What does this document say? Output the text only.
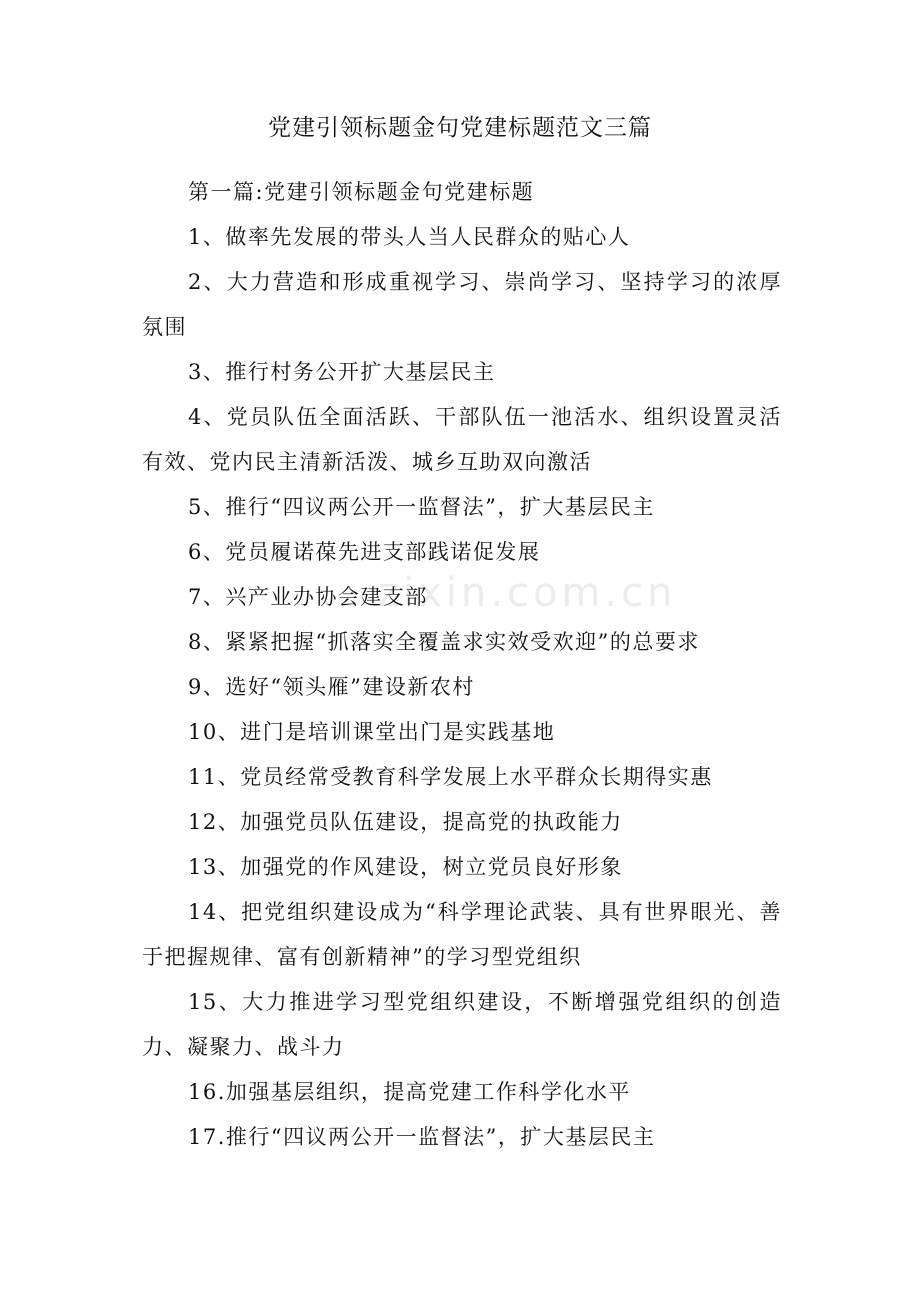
zixin.com.cn
党建引领标题金句党建标题范文三篇

第一篇:党建引领标题金句党建标题

1、做率先发展的带头人当人民群众的贴心人

2、大力营造和形成重视学习、崇尚学习、坚持学习的浓厚氛围

3、推行村务公开扩大基层民主

4、党员队伍全面活跃、干部队伍一池活水、组织设置灵活有效、党内民主清新活泼、城乡互助双向激活

5、推行“四议两公开一监督法”，扩大基层民主

6、党员履诺葆先进支部践诺促发展

7、兴产业办协会建支部

8、紧紧把握“抓落实全覆盖求实效受欢迎”的总要求

9、选好“领头雁”建设新农村

10、进门是培训课堂出门是实践基地

11、党员经常受教育科学发展上水平群众长期得实惠

12、加强党员队伍建设，提高党的执政能力

13、加强党的作风建设，树立党员良好形象

14、把党组织建设成为“科学理论武装、具有世界眼光、善于把握规律、富有创新精神”的学习型党组织

15、大力推进学习型党组织建设，不断增强党组织的创造力、凝聚力、战斗力

16.加强基层组织，提高党建工作科学化水平

17.推行“四议两公开一监督法”，扩大基层民主
